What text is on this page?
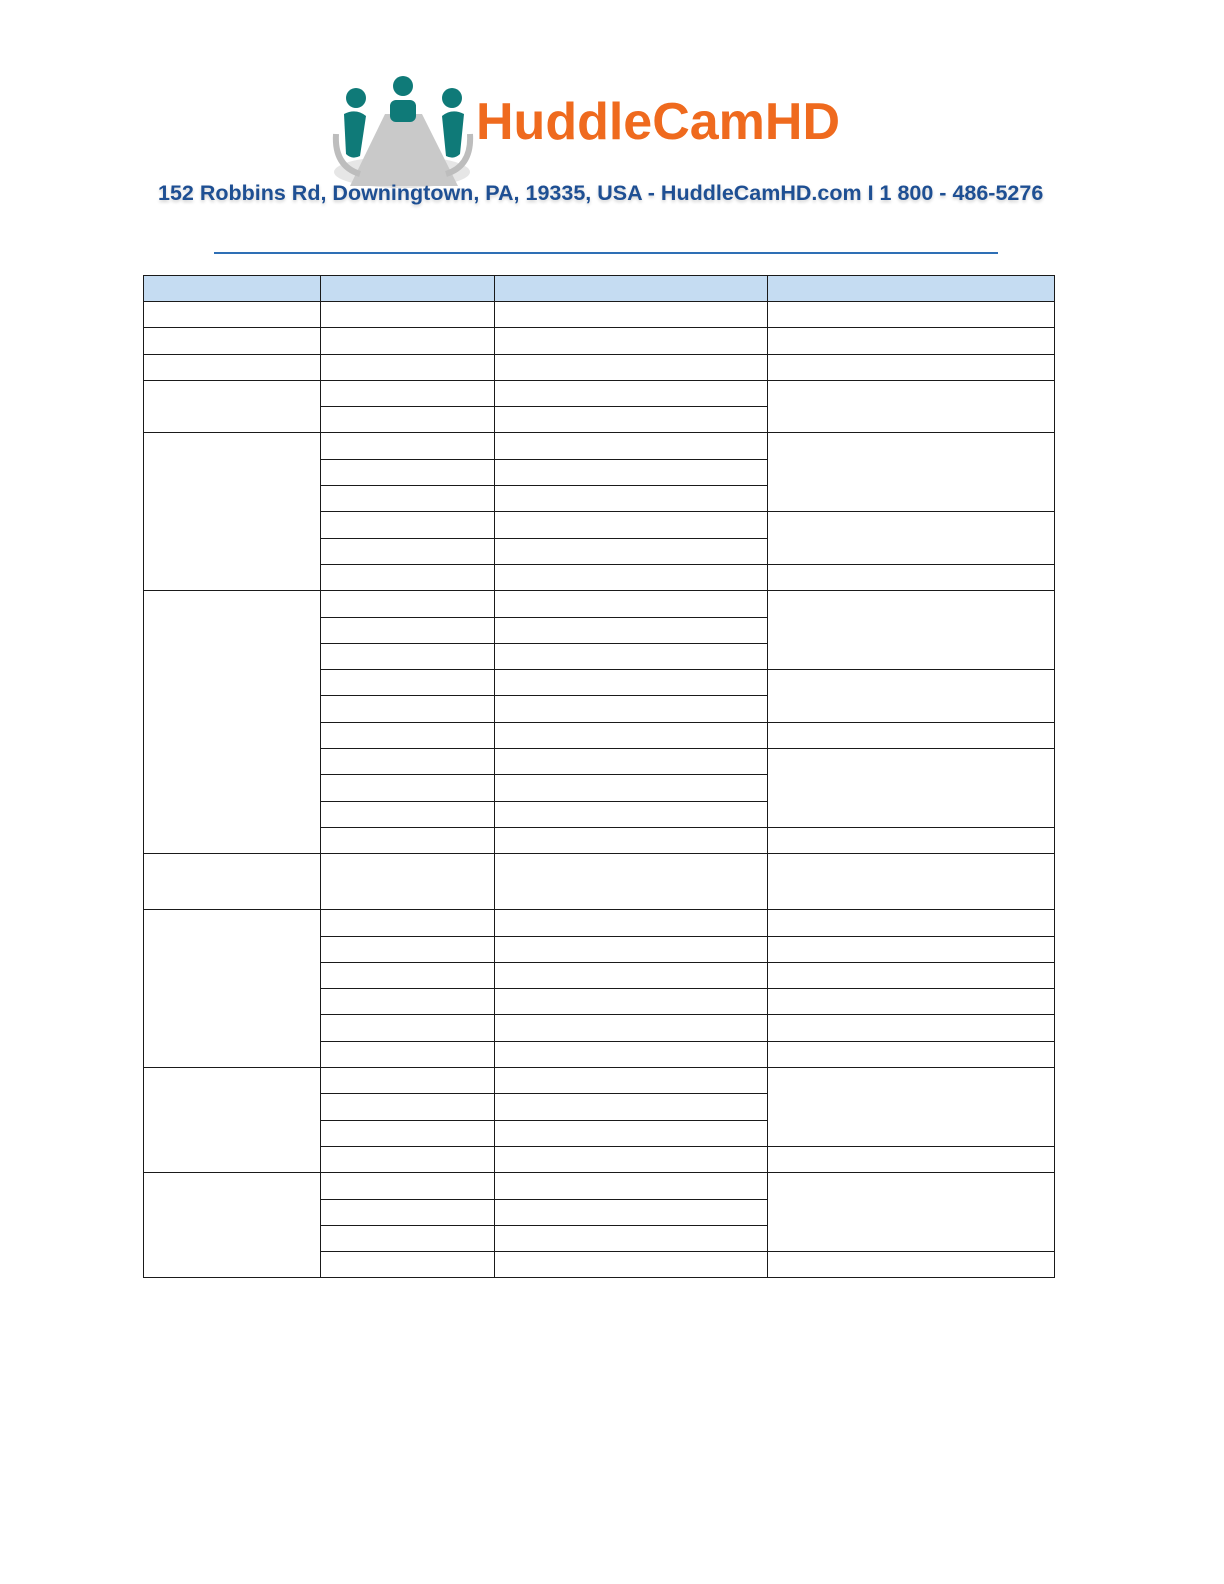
HuddleCamHD
152 Robbins Rd, Downingtown, PA, 19335, USA - HuddleCamHD.com I 1 800 - 486-5276
